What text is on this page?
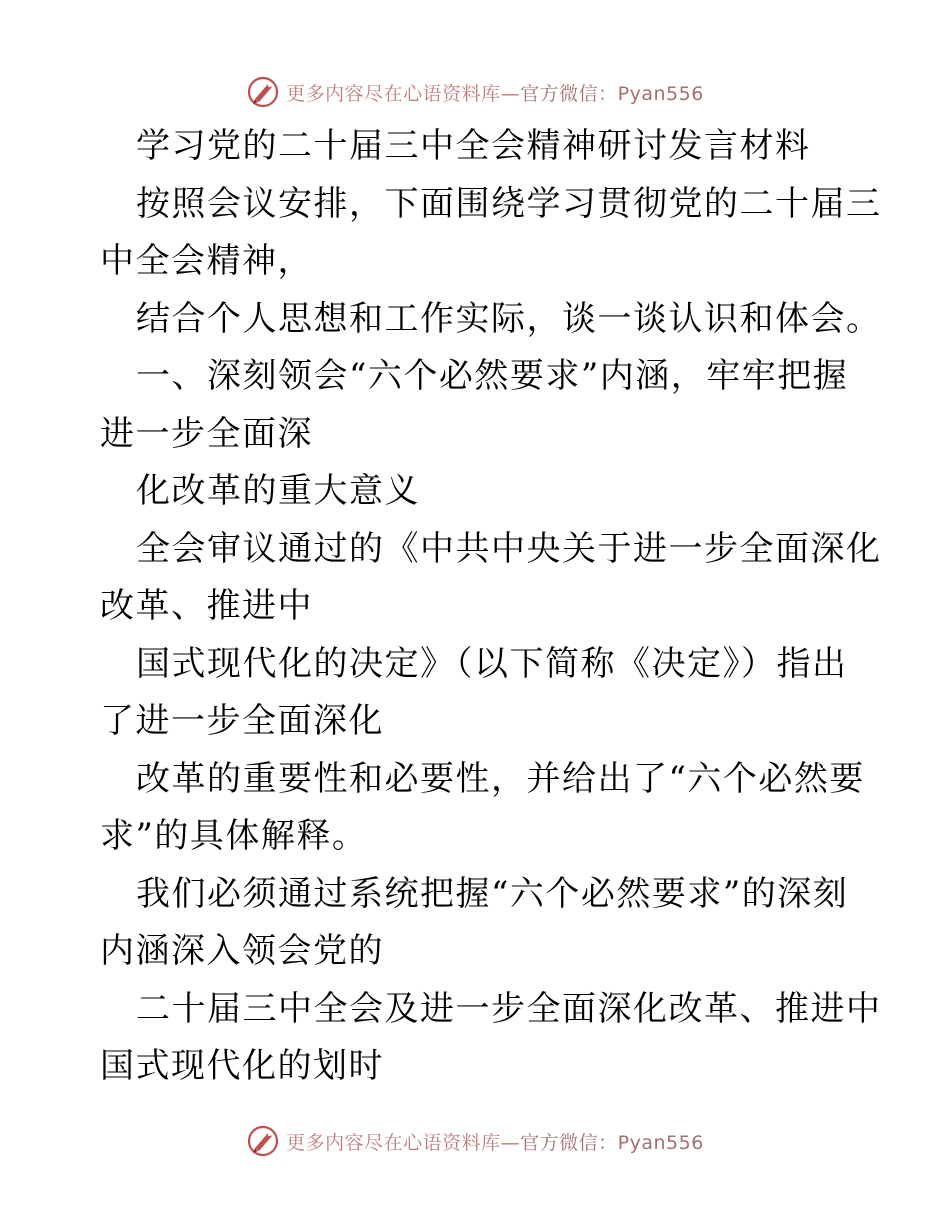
更多内容尽在心语资料库—官方微信：Pyan556
学习党的二十届三中全会精神研讨发言材料
按照会议安排，下面围绕学习贯彻党的二十届三
中全会精神，
结合个人思想和工作实际，谈一谈认识和体会。
一、深刻领会“六个必然要求”内涵，牢牢把握
进一步全面深
化改革的重大意义
全会审议通过的《中共中央关于进一步全面深化
改革、推进中
国式现代化的决定》（以下简称《决定》）指出
了进一步全面深化
改革的重要性和必要性，并给出了“六个必然要
求”的具体解释。
我们必须通过系统把握“六个必然要求”的深刻
内涵深入领会党的
二十届三中全会及进一步全面深化改革、推进中
国式现代化的划时
更多内容尽在心语资料库—官方微信：Pyan556
